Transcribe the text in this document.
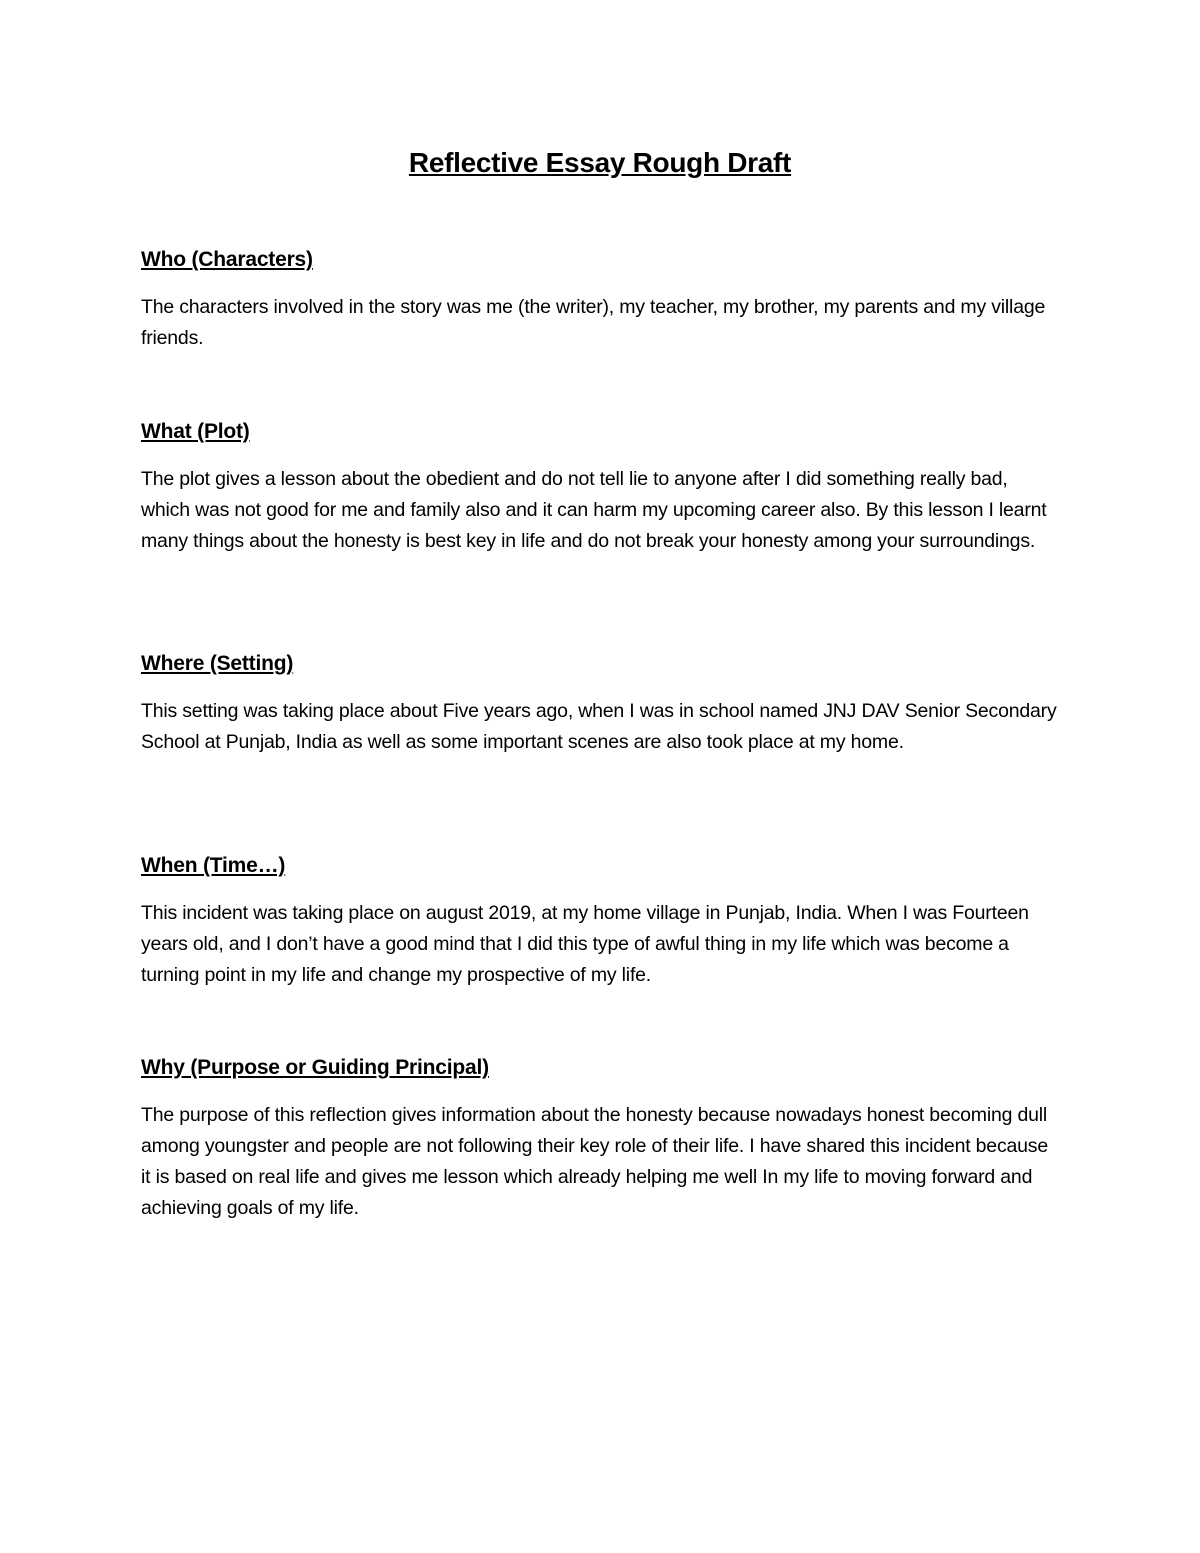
Reflective Essay Rough Draft

Who (Characters)

The characters involved in the story was me (the writer), my teacher, my brother, my parents and my village friends.

What (Plot)

The plot gives a lesson about the obedient and do not tell lie to anyone after I did something really bad, which was not good for me and family also and it can harm my upcoming career also. By this lesson I learnt many things about the honesty is best key in life and do not break your honesty among your surroundings.

Where (Setting)

This setting was taking place about Five years ago, when I was in school named JNJ DAV Senior Secondary School at Punjab, India as well as some important scenes are also took place at my home.

When (Time…)

This incident was taking place on august 2019, at my home village in Punjab, India. When I was Fourteen years old, and I don’t have a good mind that I did this type of awful thing in my life which was become a turning point in my life and change my prospective of my life.

Why (Purpose or Guiding Principal)

The purpose of this reflection gives information about the honesty because nowadays honest becoming dull among youngster and people are not following their key role of their life. I have shared this incident because it is based on real life and gives me lesson which already helping me well In my life to moving forward and achieving goals of my life.
